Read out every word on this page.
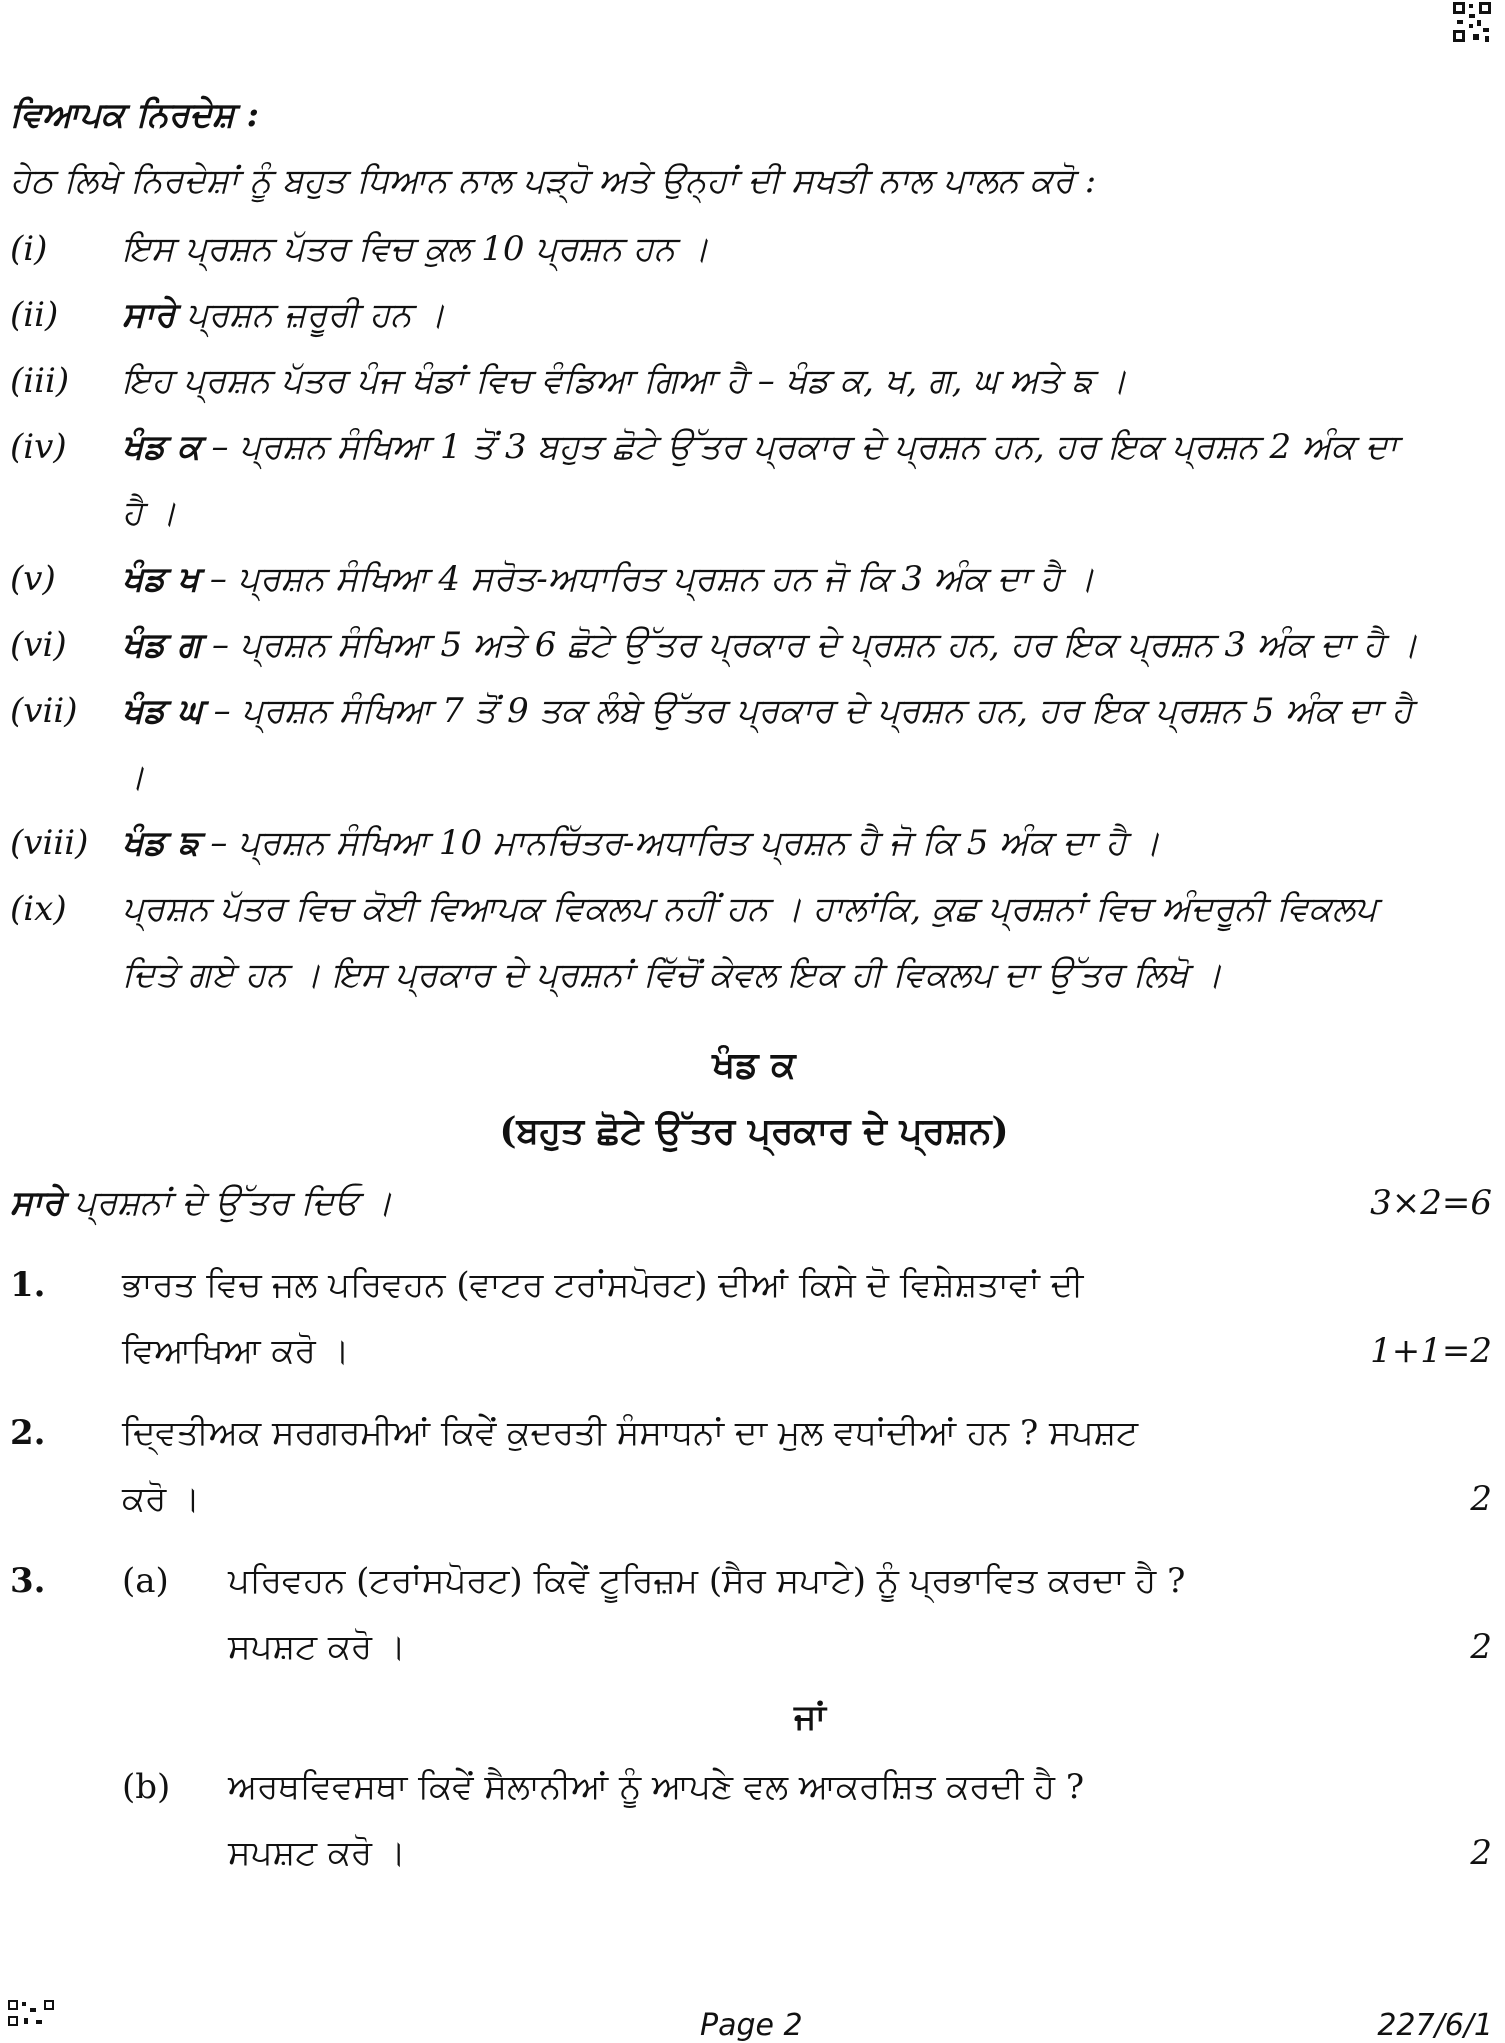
ਵਿਆਪਕ ਨਿਰਦੇਸ਼ :

ਹੇਠ ਲਿਖੇ ਨਿਰਦੇਸ਼ਾਂ ਨੂੰ ਬਹੁਤ ਧਿਆਨ ਨਾਲ ਪੜ੍ਹੋ ਅਤੇ ਉਨ੍ਹਾਂ ਦੀ ਸਖਤੀ ਨਾਲ ਪਾਲਨ ਕਰੋ :

(i)	ਇਸ ਪ੍ਰਸ਼ਨ ਪੱਤਰ ਵਿਚ ਕੁਲ 10 ਪ੍ਰਸ਼ਨ ਹਨ ।
(ii)	ਸਾਰੇ ਪ੍ਰਸ਼ਨ ਜ਼ਰੂਰੀ ਹਨ ।
(iii)	ਇਹ ਪ੍ਰਸ਼ਨ ਪੱਤਰ ਪੰਜ ਖੰਡਾਂ ਵਿਚ ਵੰਡਿਆ ਗਿਆ ਹੈ – ਖੰਡ ਕ, ਖ, ਗ, ਘ ਅਤੇ ਙ ।
(iv)	ਖੰਡ ਕ – ਪ੍ਰਸ਼ਨ ਸੰਖਿਆ 1 ਤੋਂ 3 ਬਹੁਤ ਛੋਟੇ ਉੱਤਰ ਪ੍ਰਕਾਰ ਦੇ ਪ੍ਰਸ਼ਨ ਹਨ, ਹਰ ਇਕ ਪ੍ਰਸ਼ਨ 2 ਅੰਕ ਦਾ ਹੈ ।
(v)	ਖੰਡ ਖ – ਪ੍ਰਸ਼ਨ ਸੰਖਿਆ 4 ਸਰੋਤ-ਅਧਾਰਿਤ ਪ੍ਰਸ਼ਨ ਹਨ ਜੋ ਕਿ 3 ਅੰਕ ਦਾ ਹੈ ।
(vi)	ਖੰਡ ਗ – ਪ੍ਰਸ਼ਨ ਸੰਖਿਆ 5 ਅਤੇ 6 ਛੋਟੇ ਉੱਤਰ ਪ੍ਰਕਾਰ ਦੇ ਪ੍ਰਸ਼ਨ ਹਨ, ਹਰ ਇਕ ਪ੍ਰਸ਼ਨ 3 ਅੰਕ ਦਾ ਹੈ ।
(vii)	ਖੰਡ ਘ – ਪ੍ਰਸ਼ਨ ਸੰਖਿਆ 7 ਤੋਂ 9 ਤਕ ਲੰਬੇ ਉੱਤਰ ਪ੍ਰਕਾਰ ਦੇ ਪ੍ਰਸ਼ਨ ਹਨ, ਹਰ ਇਕ ਪ੍ਰਸ਼ਨ 5 ਅੰਕ ਦਾ ਹੈ ।
(viii) ਖੰਡ ਙ – ਪ੍ਰਸ਼ਨ ਸੰਖਿਆ 10 ਮਾਨਚਿੱਤਰ-ਅਧਾਰਿਤ ਪ੍ਰਸ਼ਨ ਹੈ ਜੋ ਕਿ 5 ਅੰਕ ਦਾ ਹੈ ।
(ix)	ਪ੍ਰਸ਼ਨ ਪੱਤਰ ਵਿਚ ਕੋਈ ਵਿਆਪਕ ਵਿਕਲਪ ਨਹੀਂ ਹਨ । ਹਾਲਾਂਕਿ, ਕੁਛ ਪ੍ਰਸ਼ਨਾਂ ਵਿਚ ਅੰਦਰੂਨੀ ਵਿਕਲਪ ਦਿਤੇ ਗਏ ਹਨ । ਇਸ ਪ੍ਰਕਾਰ ਦੇ ਪ੍ਰਸ਼ਨਾਂ ਵਿੱਚੋਂ ਕੇਵਲ ਇਕ ਹੀ ਵਿਕਲਪ ਦਾ ਉੱਤਰ ਲਿਖੋ ।
ਖੰਡ ਕ
(ਬਹੁਤ ਛੋਟੇ ਉੱਤਰ ਪ੍ਰਕਾਰ ਦੇ ਪ੍ਰਸ਼ਨ)
ਸਾਰੇ ਪ੍ਰਸ਼ਨਾਂ ਦੇ ਉੱਤਰ ਦਿਓ ।	3×2=6
1.	ਭਾਰਤ ਵਿਚ ਜਲ ਪਰਿਵਹਨ (ਵਾਟਰ ਟਰਾਂਸਪੋਰਟ) ਦੀਆਂ ਕਿਸੇ ਦੋ ਵਿਸ਼ੇਸ਼ਤਾਵਾਂ ਦੀ
ਵਿਆਖਿਆ ਕਰੋ ।	1+1=2
2.	ਦ੍ਵਿਤੀਅਕ ਸਰਗਰਮੀਆਂ ਕਿਵੇਂ ਕੁਦਰਤੀ ਸੰਸਾਧਨਾਂ ਦਾ ਮੁਲ ਵਧਾਂਦੀਆਂ ਹਨ ? ਸਪਸ਼ਟ
ਕਰੋ ।	2
3.	(a)	ਪਰਿਵਹਨ (ਟਰਾਂਸਪੋਰਟ) ਕਿਵੇਂ ਟੂਰਿਜ਼ਮ (ਸੈਰ ਸਪਾਟੇ) ਨੂੰ ਪ੍ਰਭਾਵਿਤ ਕਰਦਾ ਹੈ ?
ਸਪਸ਼ਟ ਕਰੋ ।	2
ਜਾਂ
(b)	ਅਰਥਵਿਵਸਥਾ ਕਿਵੇਂ ਸੈਲਾਨੀਆਂ ਨੂੰ ਆਪਣੇ ਵਲ ਆਕਰਸ਼ਿਤ ਕਰਦੀ ਹੈ ?
ਸਪਸ਼ਟ ਕਰੋ ।	2
Page 2	227/6/1
